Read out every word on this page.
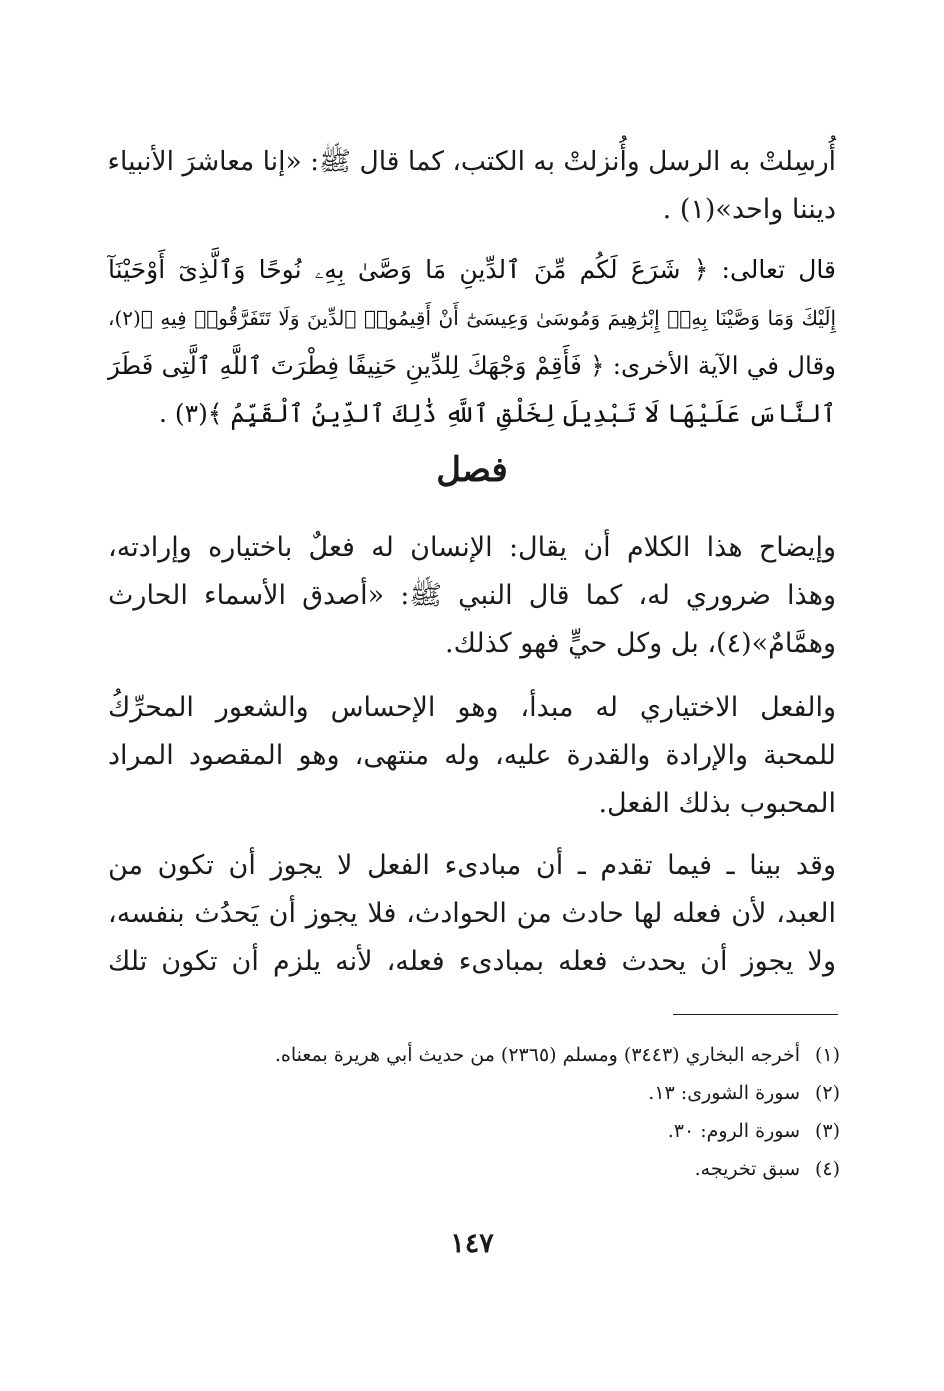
أُرسِلتْ به الرسل وأُنزلتْ به الكتب، كما قال ﷺ: «إنا معاشرَ الأنبياء
ديننا واحد»(١) .
قال تعالى: ﴿ شَرَعَ لَكُم مِّنَ ٱلدِّينِ مَا وَصَّىٰ بِهِۦ نُوحًا وَٱلَّذِىٓ أَوْحَيْنَآ
إِلَيْكَ وَمَا وَصَّيْنَا بِهِۦٓ إِبْرَٰهِيمَ وَمُوسَىٰ وَعِيسَىٰٓ أَنْ أَقِيمُوا۟ ٱلدِّينَ وَلَا تَتَفَرَّقُوا۟ فِيهِ ﴾(٢)،
وقال في الآية الأخرى: ﴿ فَأَقِمْ وَجْهَكَ لِلدِّينِ حَنِيفًا فِطْرَتَ ٱللَّهِ ٱلَّتِى فَطَرَ
ٱلنَّاسَ عَلَيْهَا لَا تَبْدِيلَ لِخَلْقِ ٱللَّهِ ذَٰلِكَ ٱلدِّينُ ٱلْقَيِّمُ ﴾(٣) .
فصل
وإيضاح هذا الكلام أن يقال: الإنسان له فعلٌ باختياره وإرادته،
وهذا ضروري له، كما قال النبي ﷺ: «أصدق الأسماء الحارث
وهمَّامٌ»(٤)، بل وكل حيٍّ فهو كذلك.
والفعل الاختياري له مبدأ، وهو الإحساس والشعور المحرِّكُ
للمحبة والإرادة والقدرة عليه، وله منتهى، وهو المقصود المراد
المحبوب بذلك الفعل.
وقد بينا ـ فيما تقدم ـ أن مبادىء الفعل لا يجوز أن تكون من
العبد، لأن فعله لها حادث من الحوادث، فلا يجوز أن يَحدُث بنفسه،
ولا يجوز أن يحدث فعله بمبادىء فعله، لأنه يلزم أن تكون تلك
(١)أخرجه البخاري (٣٤٤٣) ومسلم (٢٣٦٥) من حديث أبي هريرة بمعناه.
(٢)سورة الشورى: ١٣.
(٣)سورة الروم: ٣٠.
(٤)سبق تخريجه.
١٤٧
